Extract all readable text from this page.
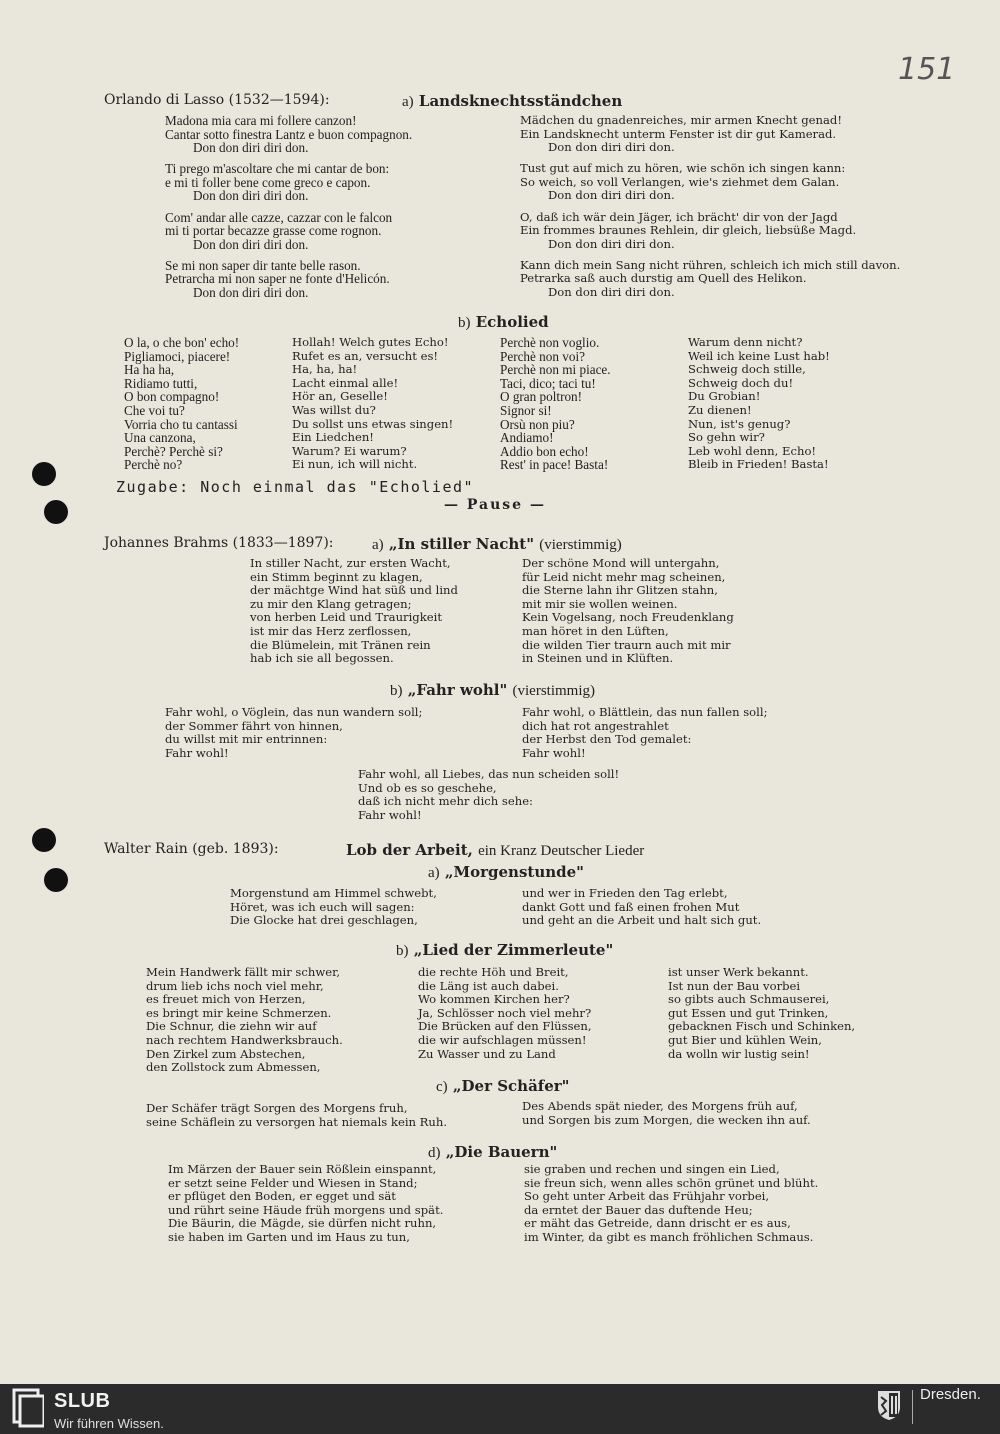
151
Orlando di Lasso (1532—1594):	a) Landsknechtsständchen
Madona mia cara mi follere canzon!
Cantar sotto finestra Lantz e buon compagnon.
Don don diri diri don.
Ti prego m'ascoltare che mi cantar de bon:
e mi ti foller bene come greco e capon.
Don don diri diri don.
Com' andar alle cazze, cazzar con le falcon
mi ti portar becazze grasse come rognon.
Don don diri diri don.
Se mi non saper dir tante belle rason.
Petrarcha mi non saper ne fonte d'Helicón.
Don don diri diri don.
Mädchen du gnadenreiches, mir armen Knecht genad!
Ein Landsknecht unterm Fenster ist dir gut Kamerad.
Don don diri diri don.
Tust gut auf mich zu hören, wie schön ich singen kann:
So weich, so voll Verlangen, wie's ziehmet dem Galan.
Don don diri diri don.
O, daß ich wär dein Jäger, ich brächt' dir von der Jagd
Ein frommes braunes Rehlein, dir gleich, liebsüße Magd.
Don don diri diri don.
Kann dich mein Sang nicht rühren, schleich ich mich still davon.
Petrarka saß auch durstig am Quell des Helikon.
Don don diri diri don.
b) Echolied
O la, o che bon' echo!
Pigliamoci, piacere!
Ha ha ha,
Ridiamo tutti,
O bon compagno!
Che voi tu?
Vorria cho tu cantassi
Una canzona,
Perchè? Perchè si?
Perchè no?
Hollah! Welch gutes Echo!
Rufet es an, versucht es!
Ha, ha, ha!
Lacht einmal alle!
Hör an, Geselle!
Was willst du?
Du sollst uns etwas singen!
Ein Liedchen!
Warum? Ei warum?
Ei nun, ich will nicht.
Perchè non voglio.
Perchè non voi?
Perchè non mi piace.
Taci, dico; taci tu!
O gran poltron!
Signor si!
Orsù non piu?
Andiamo!
Addio bon echo!
Rest' in pace! Basta!
Warum denn nicht?
Weil ich keine Lust hab!
Schweig doch stille,
Schweig doch du!
Du Grobian!
Zu dienen!
Nun, ist's genug?
So gehn wir?
Leb wohl denn, Echo!
Bleib in Frieden! Basta!
Zugabe: Noch einmal das "Echolied"
— Pause —
Johannes Brahms (1833—1897):	a) „In stiller Nacht" (vierstimmig)
In stiller Nacht, zur ersten Wacht,
ein Stimm beginnt zu klagen,
der mächtge Wind hat süß und lind
zu mir den Klang getragen;
von herben Leid und Traurigkeit
ist mir das Herz zerflossen,
die Blümelein, mit Tränen rein
hab ich sie all begossen.
Der schöne Mond will untergahn,
für Leid nicht mehr mag scheinen,
die Sterne lahn ihr Glitzen stahn,
mit mir sie wollen weinen.
Kein Vogelsang, noch Freudenklang
man höret in den Lüften,
die wilden Tier traurn auch mit mir
in Steinen und in Klüften.
b) „Fahr wohl" (vierstimmig)
Fahr wohl, o Vöglein, das nun wandern soll;
der Sommer fährt von hinnen,
du willst mit mir entrinnen:
Fahr wohl!
Fahr wohl, o Blättlein, das nun fallen soll;
dich hat rot angestrahlet
der Herbst den Tod gemalet:
Fahr wohl!
Fahr wohl, all Liebes, das nun scheiden soll!
Und ob es so geschehe,
daß ich nicht mehr dich sehe:
Fahr wohl!
Walter Rain (geb. 1893):	Lob der Arbeit, ein Kranz Deutscher Lieder
a) „Morgenstunde"
Morgenstund am Himmel schwebt,
Höret, was ich euch will sagen:
Die Glocke hat drei geschlagen,
und wer in Frieden den Tag erlebt,
dankt Gott und faß einen frohen Mut
und geht an die Arbeit und halt sich gut.
b) „Lied der Zimmerleute"
Mein Handwerk fällt mir schwer,
drum lieb ichs noch viel mehr,
es freuet mich von Herzen,
es bringt mir keine Schmerzen.
Die Schnur, die ziehn wir auf
nach rechtem Handwerksbrauch.
Den Zirkel zum Abstechen,
den Zollstock zum Abmessen,
die rechte Höh und Breit,
die Läng ist auch dabei.
Wo kommen Kirchen her?
Ja, Schlösser noch viel mehr?
Die Brücken auf den Flüssen,
die wir aufschlagen müssen!
Zu Wasser und zu Land
ist unser Werk bekannt.
Ist nun der Bau vorbei
so gibts auch Schmauserei,
gut Essen und gut Trinken,
gebacknen Fisch und Schinken,
gut Bier und kühlen Wein,
da wolln wir lustig sein!
c) „Der Schäfer"
Der Schäfer trägt Sorgen des Morgens fruh,
seine Schäflein zu versorgen hat niemals kein Ruh.
Des Abends spät nieder, des Morgens früh auf,
und Sorgen bis zum Morgen, die wecken ihn auf.
d) „Die Bauern"
Im Märzen der Bauer sein Rößlein einspannt,
er setzt seine Felder und Wiesen in Stand;
er pflüget den Boden, er egget und sät
und rührt seine Häude früh morgens und spät.
Die Bäurin, die Mägde, sie dürfen nicht ruhn,
sie haben im Garten und im Haus zu tun,
sie graben und rechen und singen ein Lied,
sie freun sich, wenn alles schön grünet und blüht.
So geht unter Arbeit das Frühjahr vorbei,
da erntet der Bauer das duftende Heu;
er mäht das Getreide, dann drischt er es aus,
im Winter, da gibt es manch fröhlichen Schmaus.
SLUB
Wir führen Wissen.
Dresden.
